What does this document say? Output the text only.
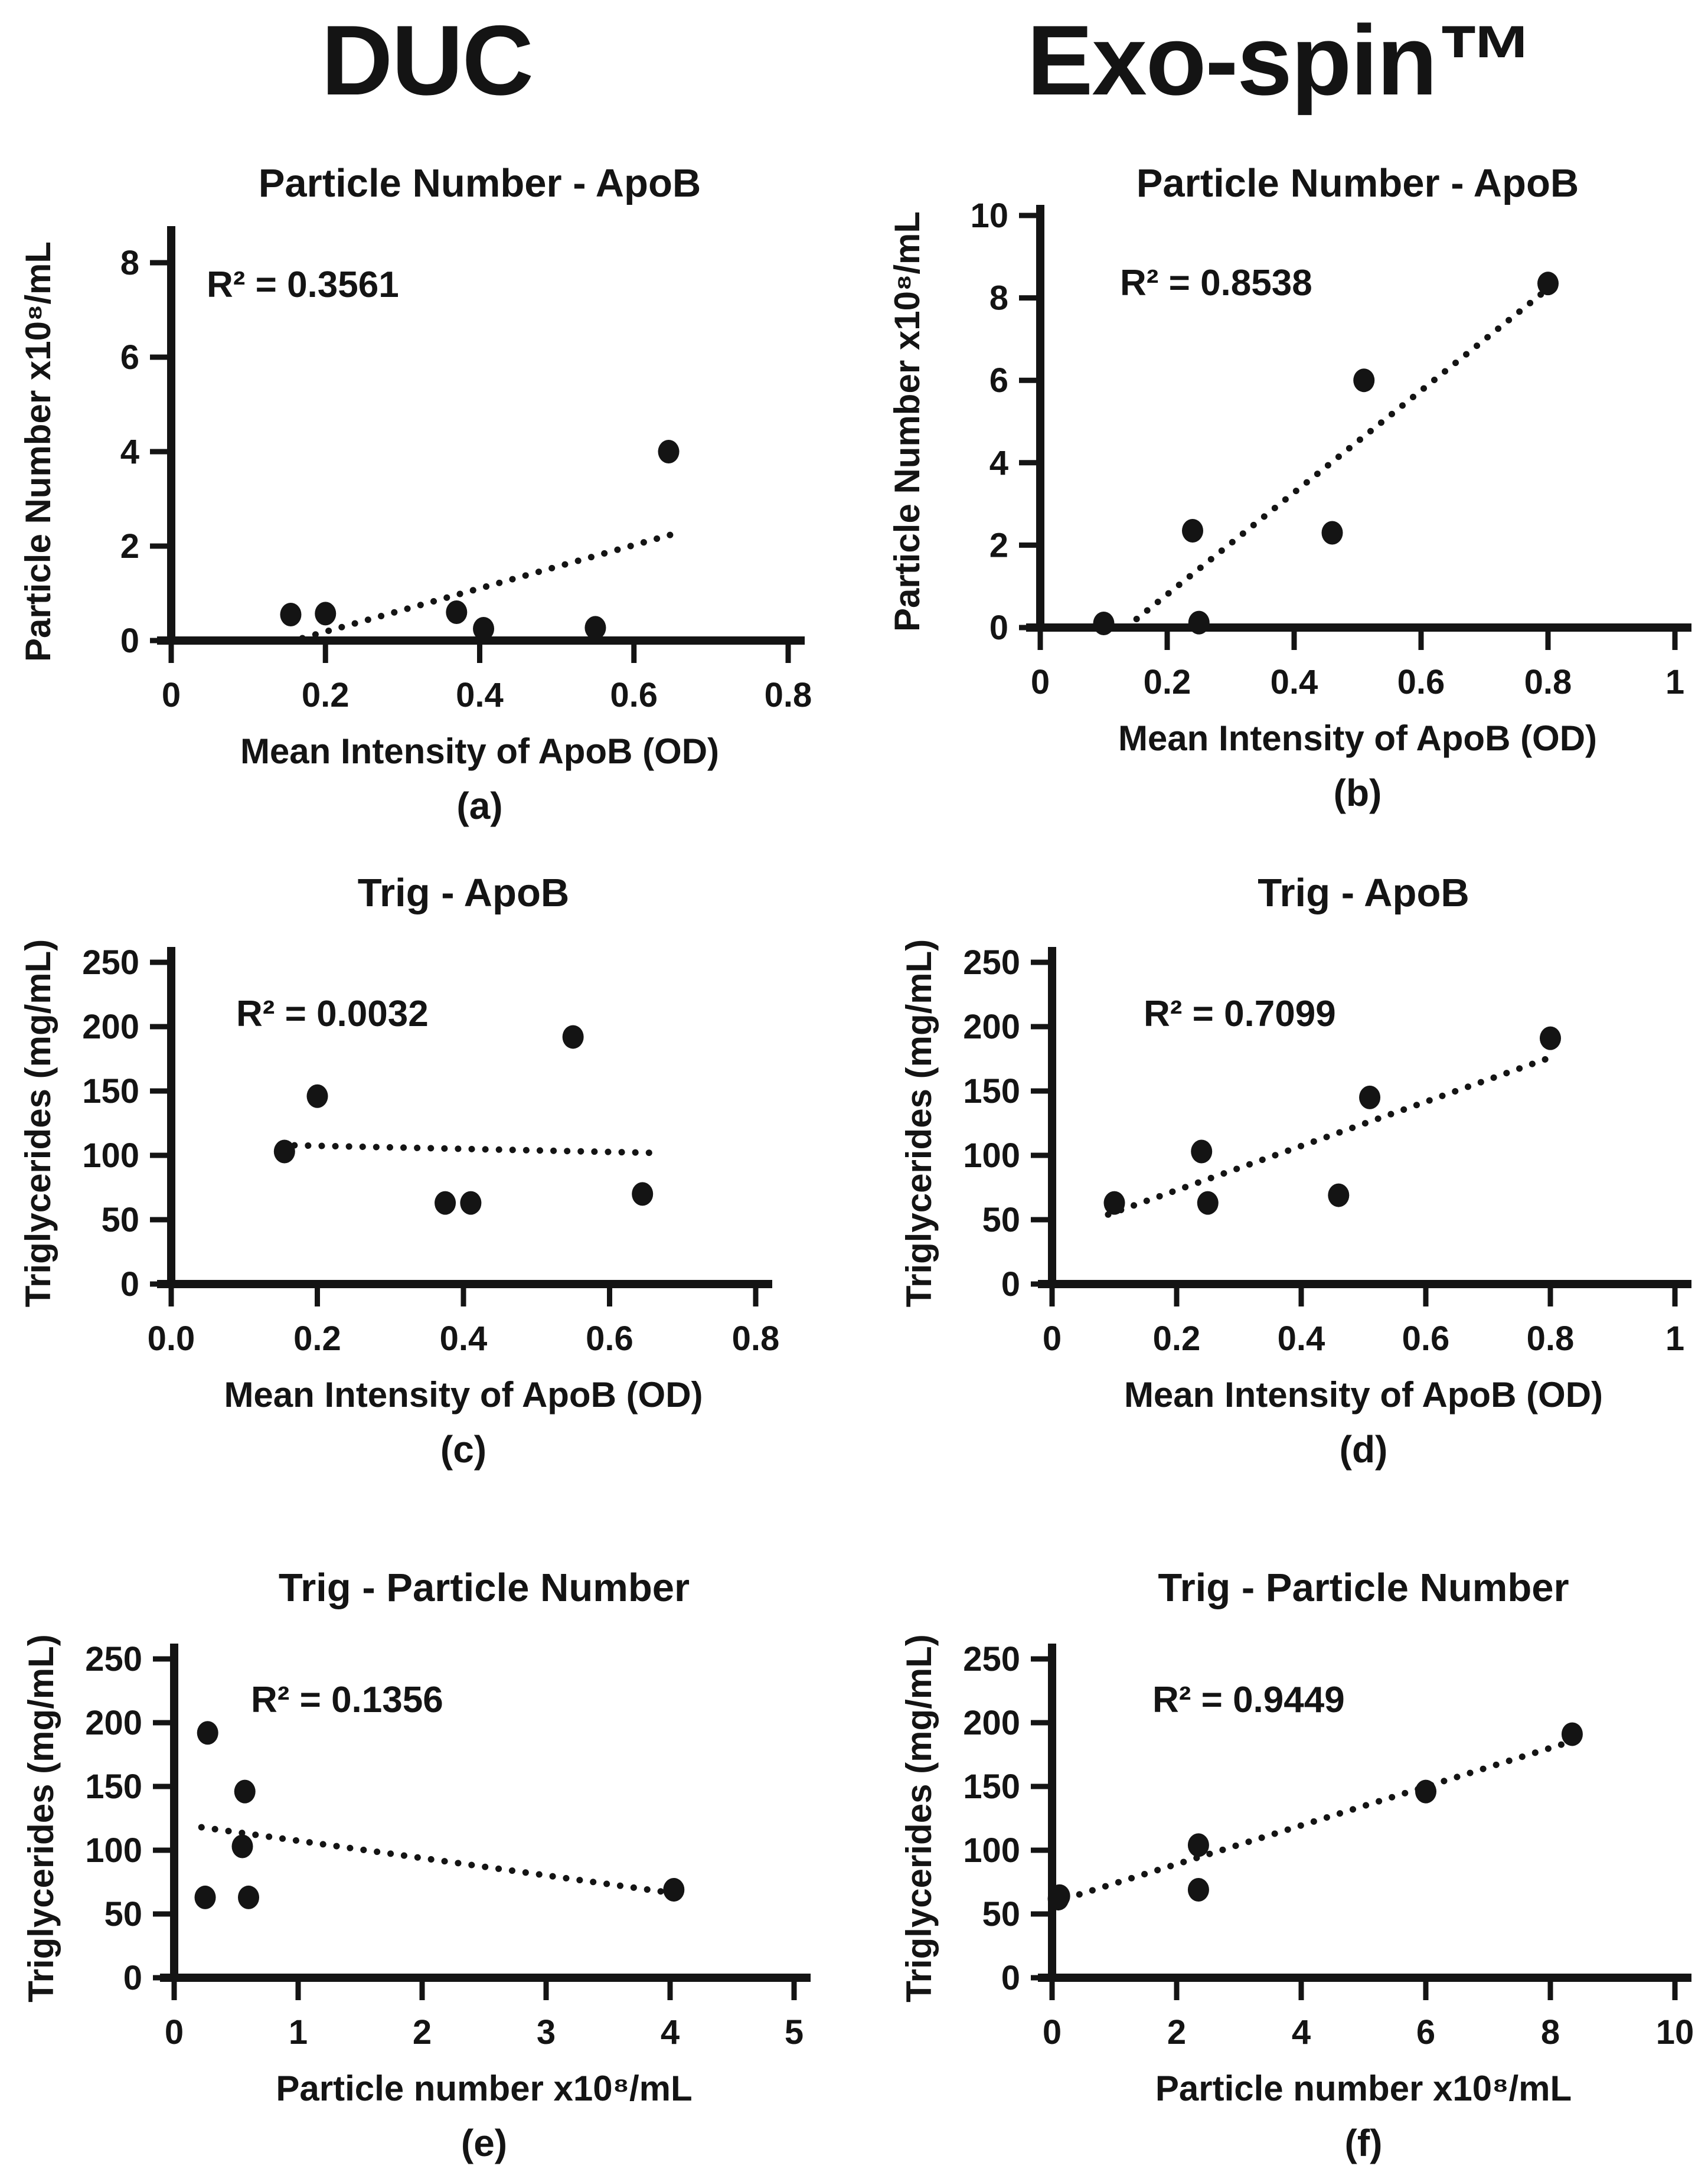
DUC	Exo-spin™
Particle Number - ApoB
R² = 0.3561
0	0.2	0.4	0.6	0.8
0
2
4
6
8
Mean Intensity of ApoB (OD)
Particle Number x10⁸/mL
(a)
Particle Number - ApoB
R² = 0.8538
0	0.2 0.4 0.6 0.8	1
0
2
4
6
8
10
Mean Intensity of ApoB (OD)
Particle Number x10⁸/mL
(b)
Trig - ApoB
R² = 0.0032
0.0	0.2	0.4	0.6	0.8
0
50
100
150
200
250
Mean Intensity of ApoB (OD)
Triglycerides (mg/mL)
(c)
Trig - ApoB
R² = 0.7099
0	0.2 0.4 0.6 0.8	1
0
50
100
150
200
250
Mean Intensity of ApoB (OD)
Triglycerides (mg/mL)
(d)
Trig - Particle Number
R² = 0.1356
0	1	2	3	4	5
0
50
100
150
200
250
Particle number x10⁸/mL
Triglycerides (mg/mL)
(e)
Trig - Particle Number
R² = 0.9449
0	2	4	6	8	10
0
50
100
150
200
250
Particle number x10⁸/mL
Triglycerides (mg/mL)
(f)
